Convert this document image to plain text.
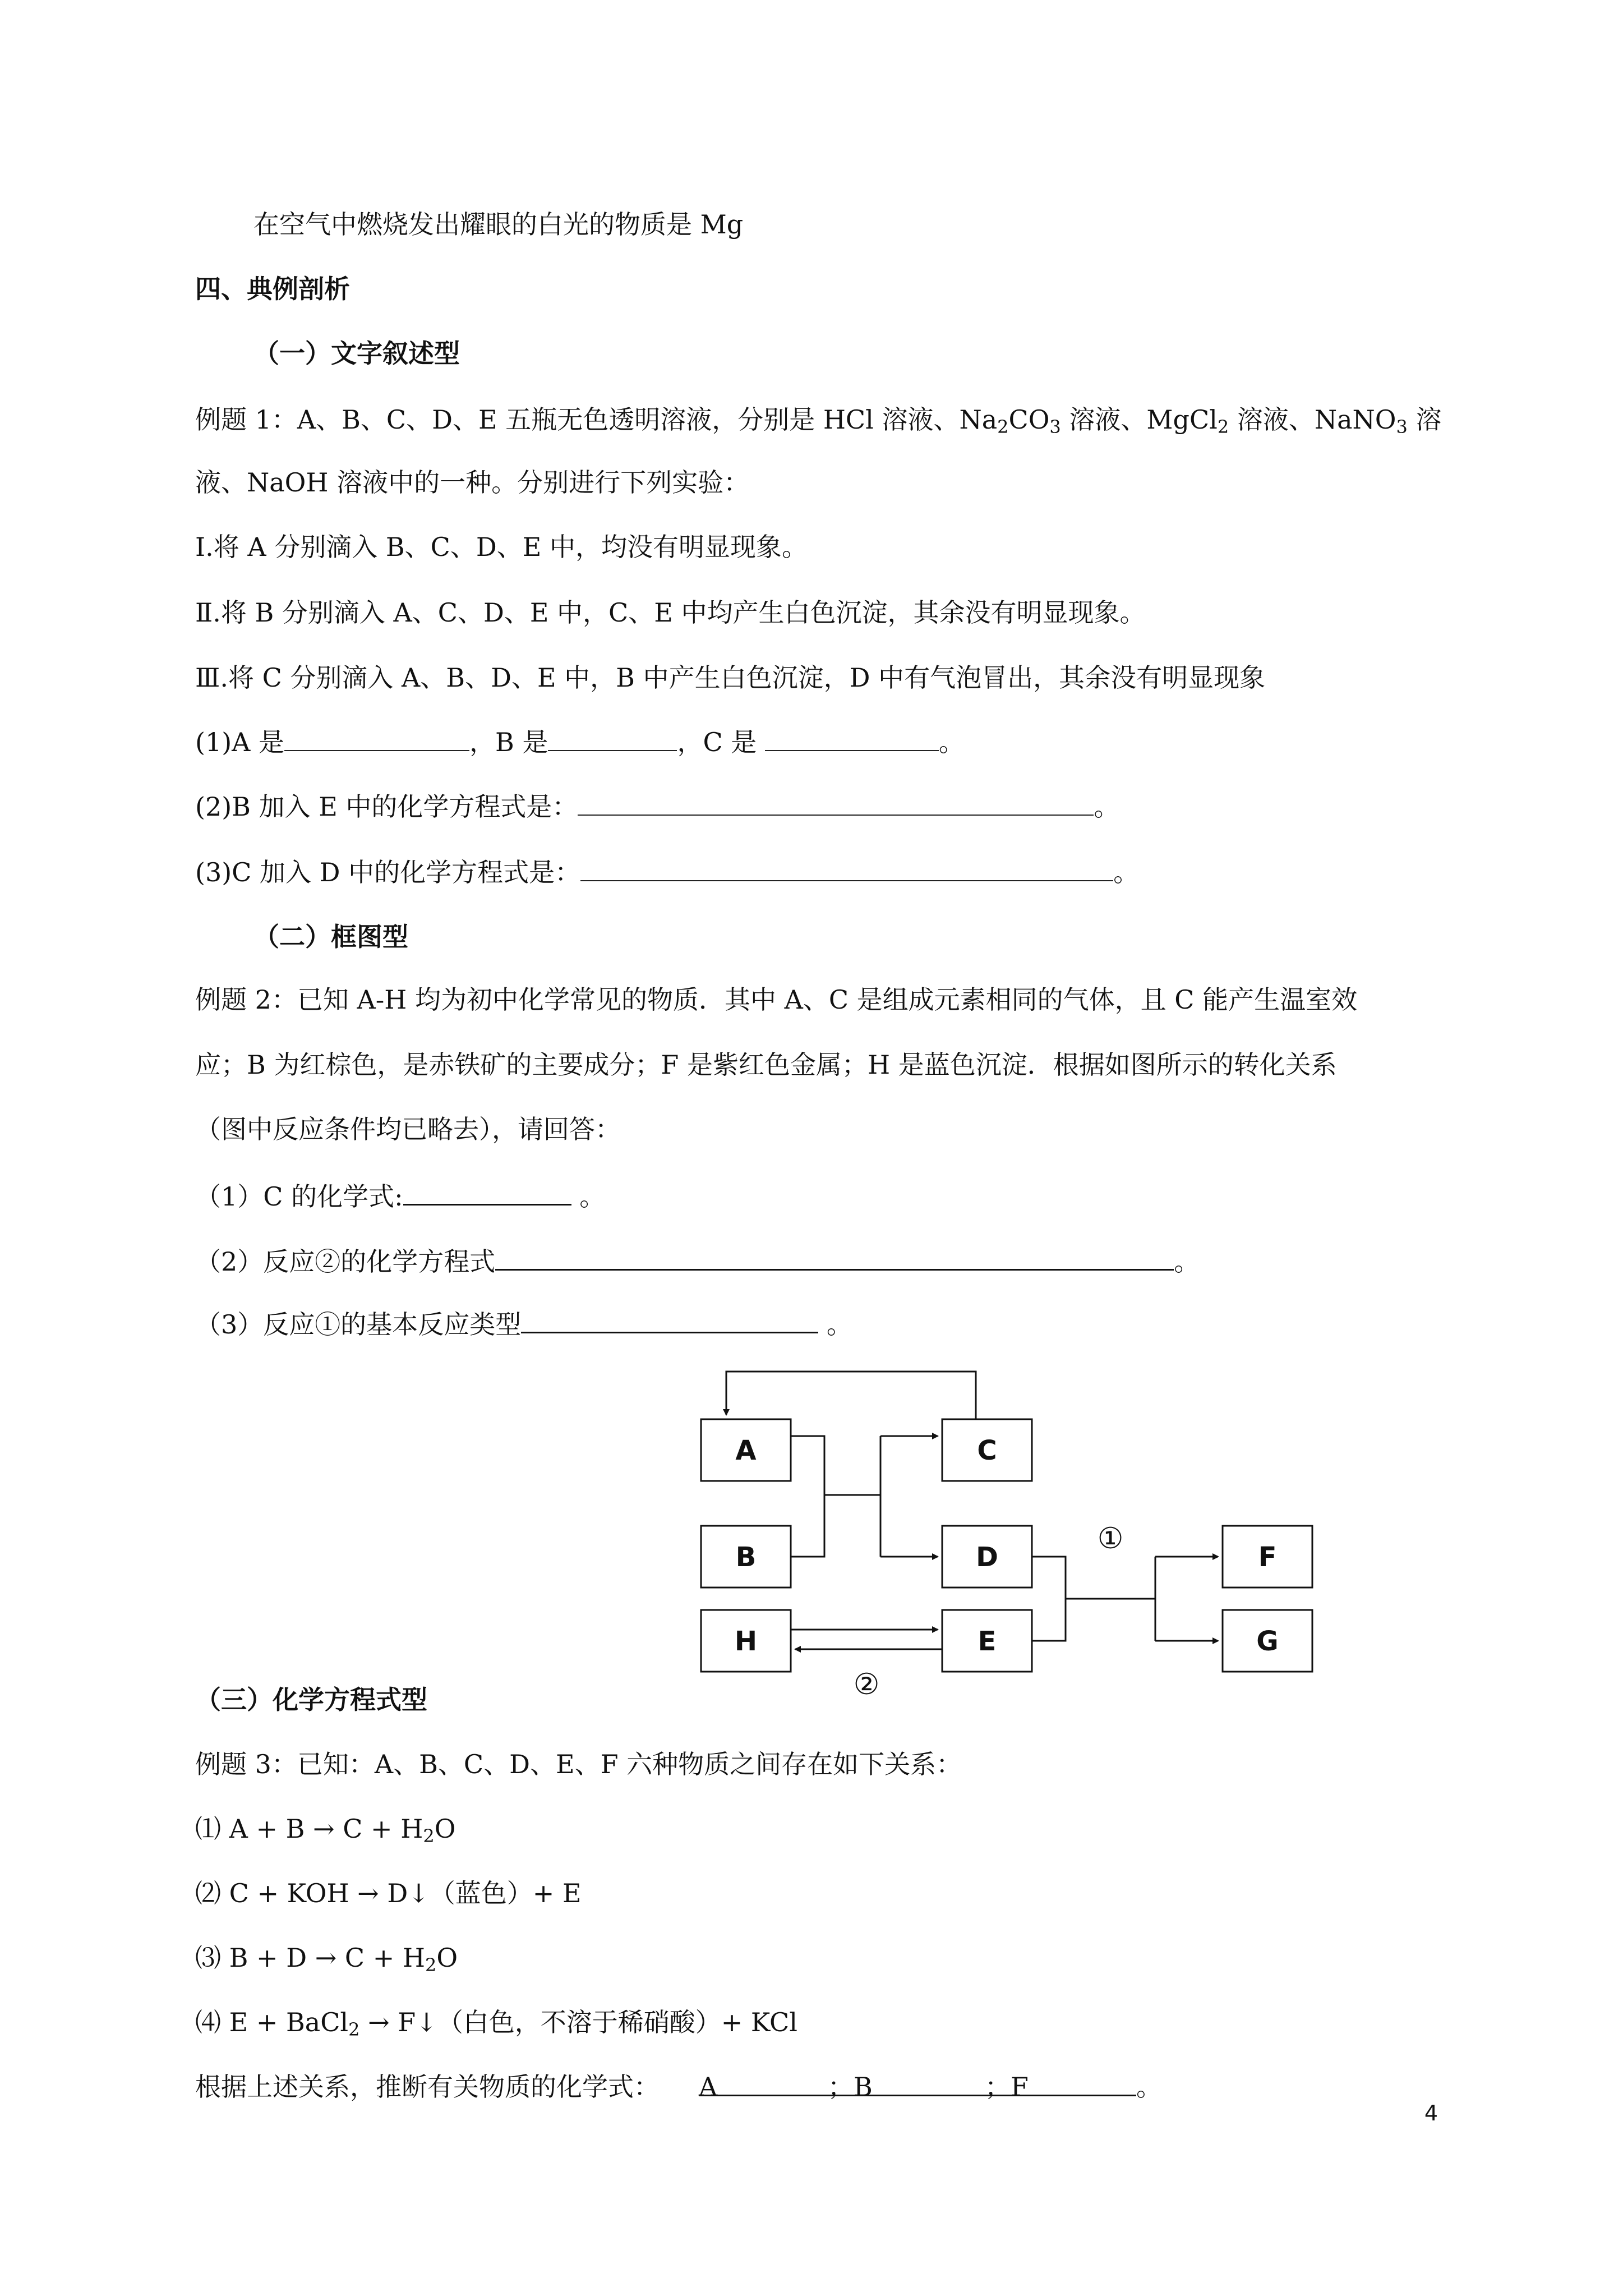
在空气中燃烧发出耀眼的白光的物质是 Mg
四、典例剖析
（一）文字叙述型
例题 1：A、B、C、D、E 五瓶无色透明溶液，分别是 HCl 溶液、$Na_2CO_3$ 溶液、MgCl$_2$ 溶液、NaNO$_3$ 溶
液、NaOH 溶液中的一种。分别进行下列实验：
Ⅰ.将 A 分别滴入 B、C、D、E 中，均没有明显现象。
Ⅱ.将 B 分别滴入 A、C、D、E 中，C、E 中均产生白色沉淀，其余没有明显现象。
Ⅲ.将 C 分别滴入 A、B、D、E 中，B 中产生白色沉淀，D 中有气泡冒出，其余没有明显现象
(1)A 是	，B 是	，C 是	。
(2)B 加入 E 中的化学方程式是：	。
(3)C 加入 D 中的化学方程式是：	。
（二）框图型
例题 2：已知 A-H 均为初中化学常见的物质．其中 A、C 是组成元素相同的气体，且 C 能产生温室效
应；B 为红棕色，是赤铁矿的主要成分；F 是紫红色金属；H 是蓝色沉淀．根据如图所示的转化关系
（图中反应条件均已略去），请回答：
（1）C 的化学式:	。
（2）反应②的化学方程式	。
（3）反应①的基本反应类型	。
A
B
C
D
E
F
G
H
①
②
（三）化学方程式型
例题 3：已知：A、B、C、D、E、F 六种物质之间存在如下关系：
⑴ $A + B \to C + H_2O$
⑵ C + KOH → D↓（蓝色）+ E
⑶ $B + D \to C + H_2O$
⑷ E + BaCl$_2$ → F↓（白色，不溶于稀硝酸）+ KCl
根据上述关系，推断有关物质的化学式： A	；B	；F	。
4
